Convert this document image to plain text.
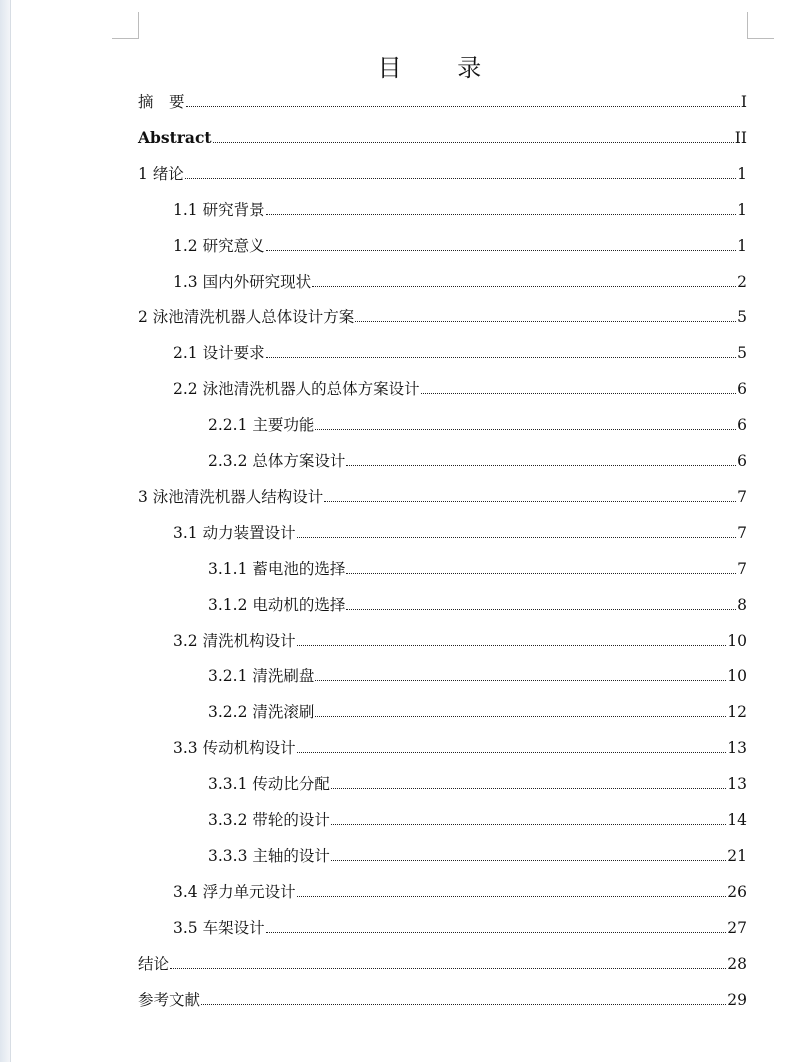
目 录
摘　要	I
Abstract	II
1 绪论	1
1.1 研究背景	1
1.2 研究意义	1
1.3 国内外研究现状	2
2 泳池清洗机器人总体设计方案	5
2.1 设计要求	5
2.2 泳池清洗机器人的总体方案设计	6
2.2.1 主要功能	6
2.3.2 总体方案设计	6
3 泳池清洗机器人结构设计	7
3.1 动力装置设计	7
3.1.1 蓄电池的选择	7
3.1.2 电动机的选择	8
3.2 清洗机构设计	10
3.2.1 清洗刷盘	10
3.2.2 清洗滚刷	12
3.3 传动机构设计	13
3.3.1 传动比分配	13
3.3.2 带轮的设计	14
3.3.3 主轴的设计	21
3.4 浮力单元设计	26
3.5 车架设计	27
结论	28
参考文献	29
